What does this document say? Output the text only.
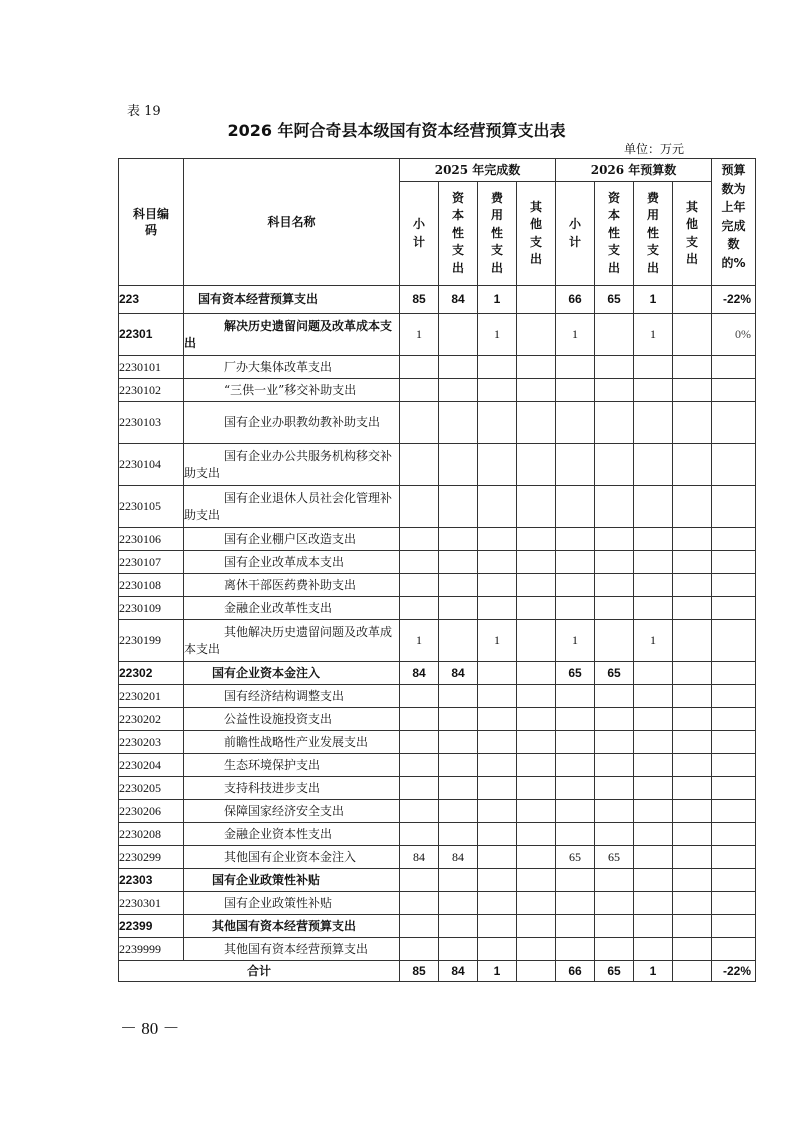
表 19
2026 年阿合奇县本级国有资本经营预算支出表
单位：万元
科目编码	科目名称	2025 年完成数				2026 年预算数				预算数为上年完成数的%
		小计	资本性支出	费用性支出	其他支出	小计	资本性支出	费用性支出	其他支出	
223	国有资本经营预算支出	85	84	1		66	65	1		-22%
22301	解决历史遗留问题及改革成本支出	1		1		1		1		0%
2230101	厂办大集体改革支出									
2230102	“三供一业”移交补助支出									
2230103	国有企业办职教幼教补助支出									
2230104	国有企业办公共服务机构移交补助支出									
2230105	国有企业退休人员社会化管理补助支出									
2230106	国有企业棚户区改造支出									
2230107	国有企业改革成本支出									
2230108	离休干部医药费补助支出									
2230109	金融企业改革性支出									
2230199	其他解决历史遗留问题及改革成本支出	1		1		1		1		
22302	国有企业资本金注入	84	84			65	65			
2230201	国有经济结构调整支出									
2230202	公益性设施投资支出									
2230203	前瞻性战略性产业发展支出									
2230204	生态环境保护支出									
2230205	支持科技进步支出									
2230206	保障国家经济安全支出									
2230208	金融企业资本性支出									
2230299	其他国有企业资本金注入	84	84			65	65			
22303	国有企业政策性补贴									
2230301	国有企业政策性补贴									
22399	其他国有资本经营预算支出									
2239999	其他国有资本经营预算支出									
合计		85	84	1		66	65	1		-22%
－ 80 －
